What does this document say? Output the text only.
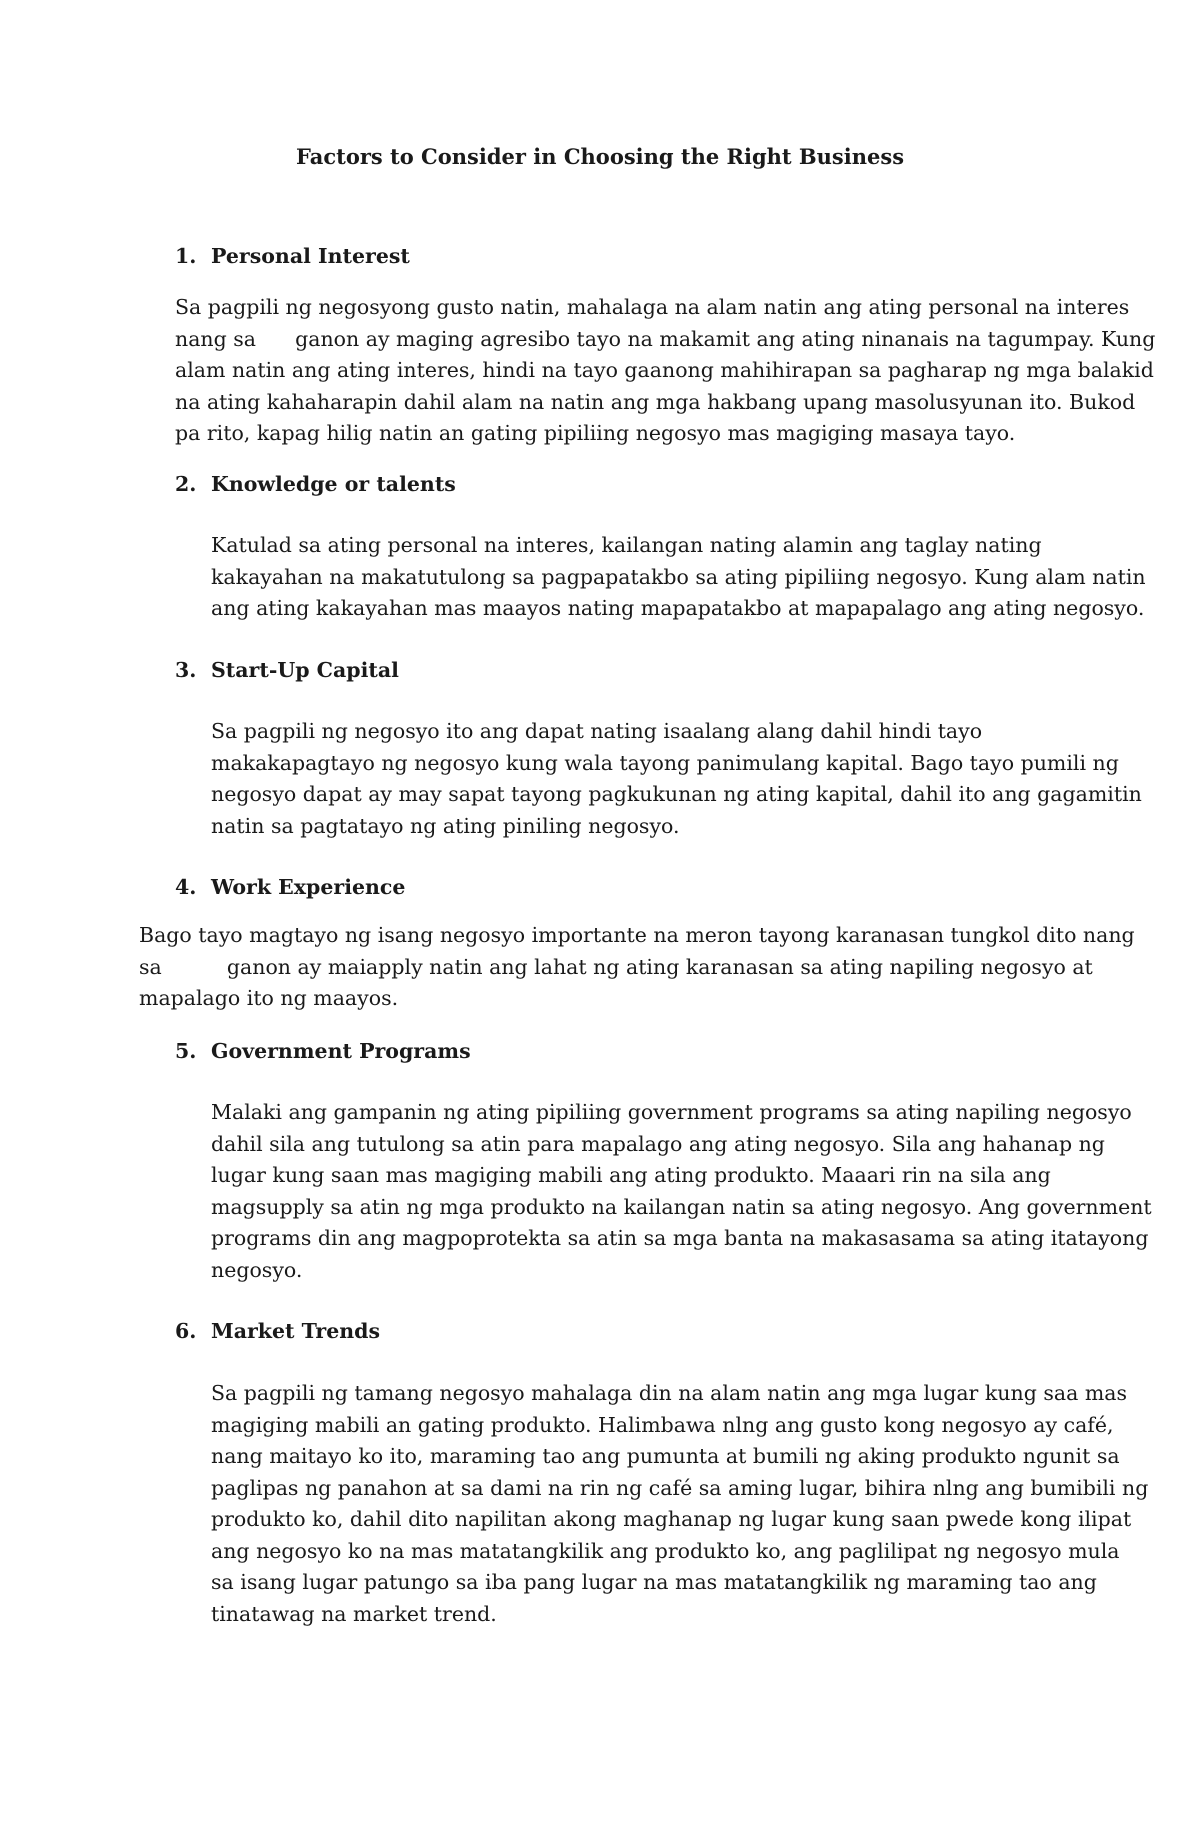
Factors to Consider in Choosing the Right Business
1. Personal Interest
Sa pagpili ng negosyong gusto natin, mahalaga na alam natin ang ating personal na interes
nang sa      ganon ay maging agresibo tayo na makamit ang ating ninanais na tagumpay. Kung
alam natin ang ating interes, hindi na tayo gaanong mahihirapan sa pagharap ng mga balakid
na ating kahaharapin dahil alam na natin ang mga hakbang upang masolusyunan ito. Bukod
pa rito, kapag hilig natin an gating pipiliing negosyo mas magiging masaya tayo.
2. Knowledge or talents
Katulad sa ating personal na interes, kailangan nating alamin ang taglay nating
kakayahan na makatutulong sa pagpapatakbo sa ating pipiliing negosyo. Kung alam natin
ang ating kakayahan mas maayos nating mapapatakbo at mapapalago ang ating negosyo.
3. Start-Up Capital
Sa pagpili ng negosyo ito ang dapat nating isaalang alang dahil hindi tayo
makakapagtayo ng negosyo kung wala tayong panimulang kapital. Bago tayo pumili ng
negosyo dapat ay may sapat tayong pagkukunan ng ating kapital, dahil ito ang gagamitin
natin sa pagtatayo ng ating piniling negosyo.
4. Work Experience
Bago tayo magtayo ng isang negosyo importante na meron tayong karanasan tungkol dito nang
sa          ganon ay maiapply natin ang lahat ng ating karanasan sa ating napiling negosyo at
mapalago ito ng maayos.
5. Government Programs
Malaki ang gampanin ng ating pipiliing government programs sa ating napiling negosyo
dahil sila ang tutulong sa atin para mapalago ang ating negosyo. Sila ang hahanap ng
lugar kung saan mas magiging mabili ang ating produkto. Maaari rin na sila ang
magsupply sa atin ng mga produkto na kailangan natin sa ating negosyo. Ang government
programs din ang magpoprotekta sa atin sa mga banta na makasasama sa ating itatayong
negosyo.
6. Market Trends
Sa pagpili ng tamang negosyo mahalaga din na alam natin ang mga lugar kung saa mas
magiging mabili an gating produkto. Halimbawa nlng ang gusto kong negosyo ay café,
nang maitayo ko ito, maraming tao ang pumunta at bumili ng aking produkto ngunit sa
paglipas ng panahon at sa dami na rin ng café sa aming lugar, bihira nlng ang bumibili ng
produkto ko, dahil dito napilitan akong maghanap ng lugar kung saan pwede kong ilipat
ang negosyo ko na mas matatangkilik ang produkto ko, ang paglilipat ng negosyo mula
sa isang lugar patungo sa iba pang lugar na mas matatangkilik ng maraming tao ang
tinatawag na market trend.
